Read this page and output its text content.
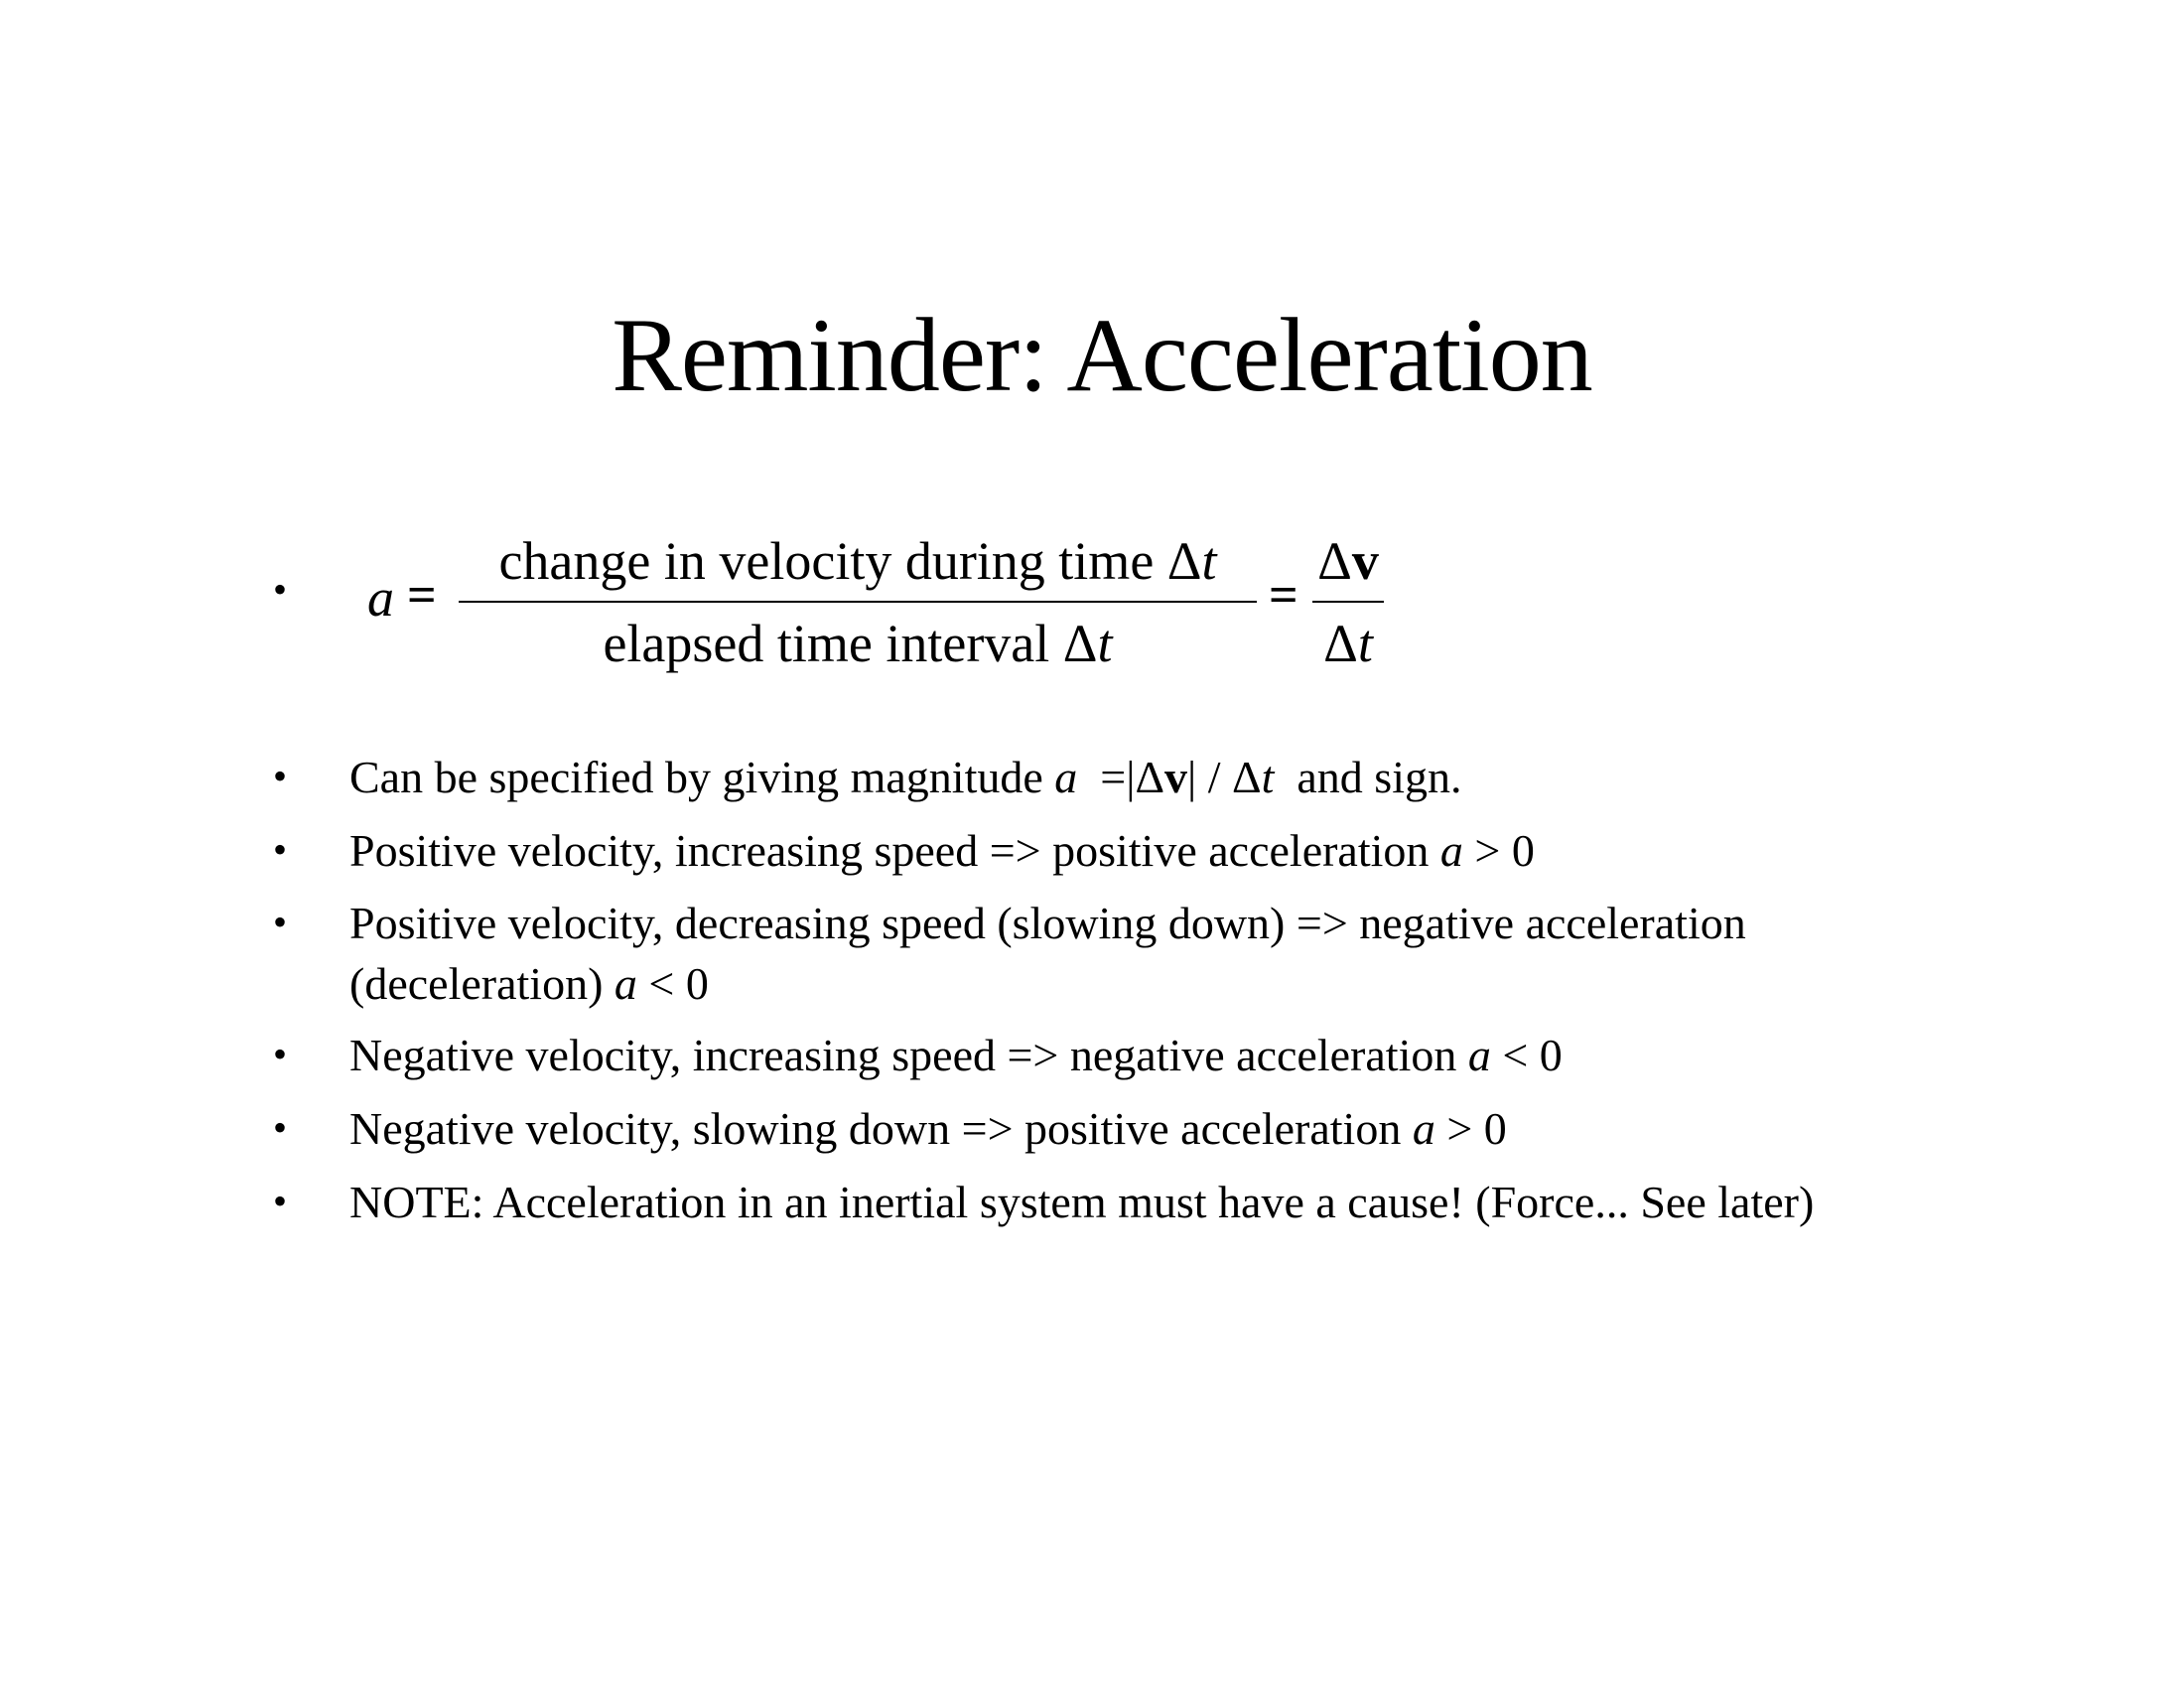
Reminder: Acceleration
• a =
change in velocity during time Δt
elapsed time interval Δt
=
Δv
Δt
• Can be specified by giving magnitude a  =|Δv| / Δt  and sign.
• Positive velocity, increasing speed => positive acceleration a > 0
• Positive velocity, decreasing speed (slowing down) => negative acceleration (deceleration) a < 0
• Negative velocity, increasing speed => negative acceleration a < 0
• Negative velocity, slowing down => positive acceleration a > 0
• NOTE: Acceleration in an inertial system must have a cause! (Force... See later)
